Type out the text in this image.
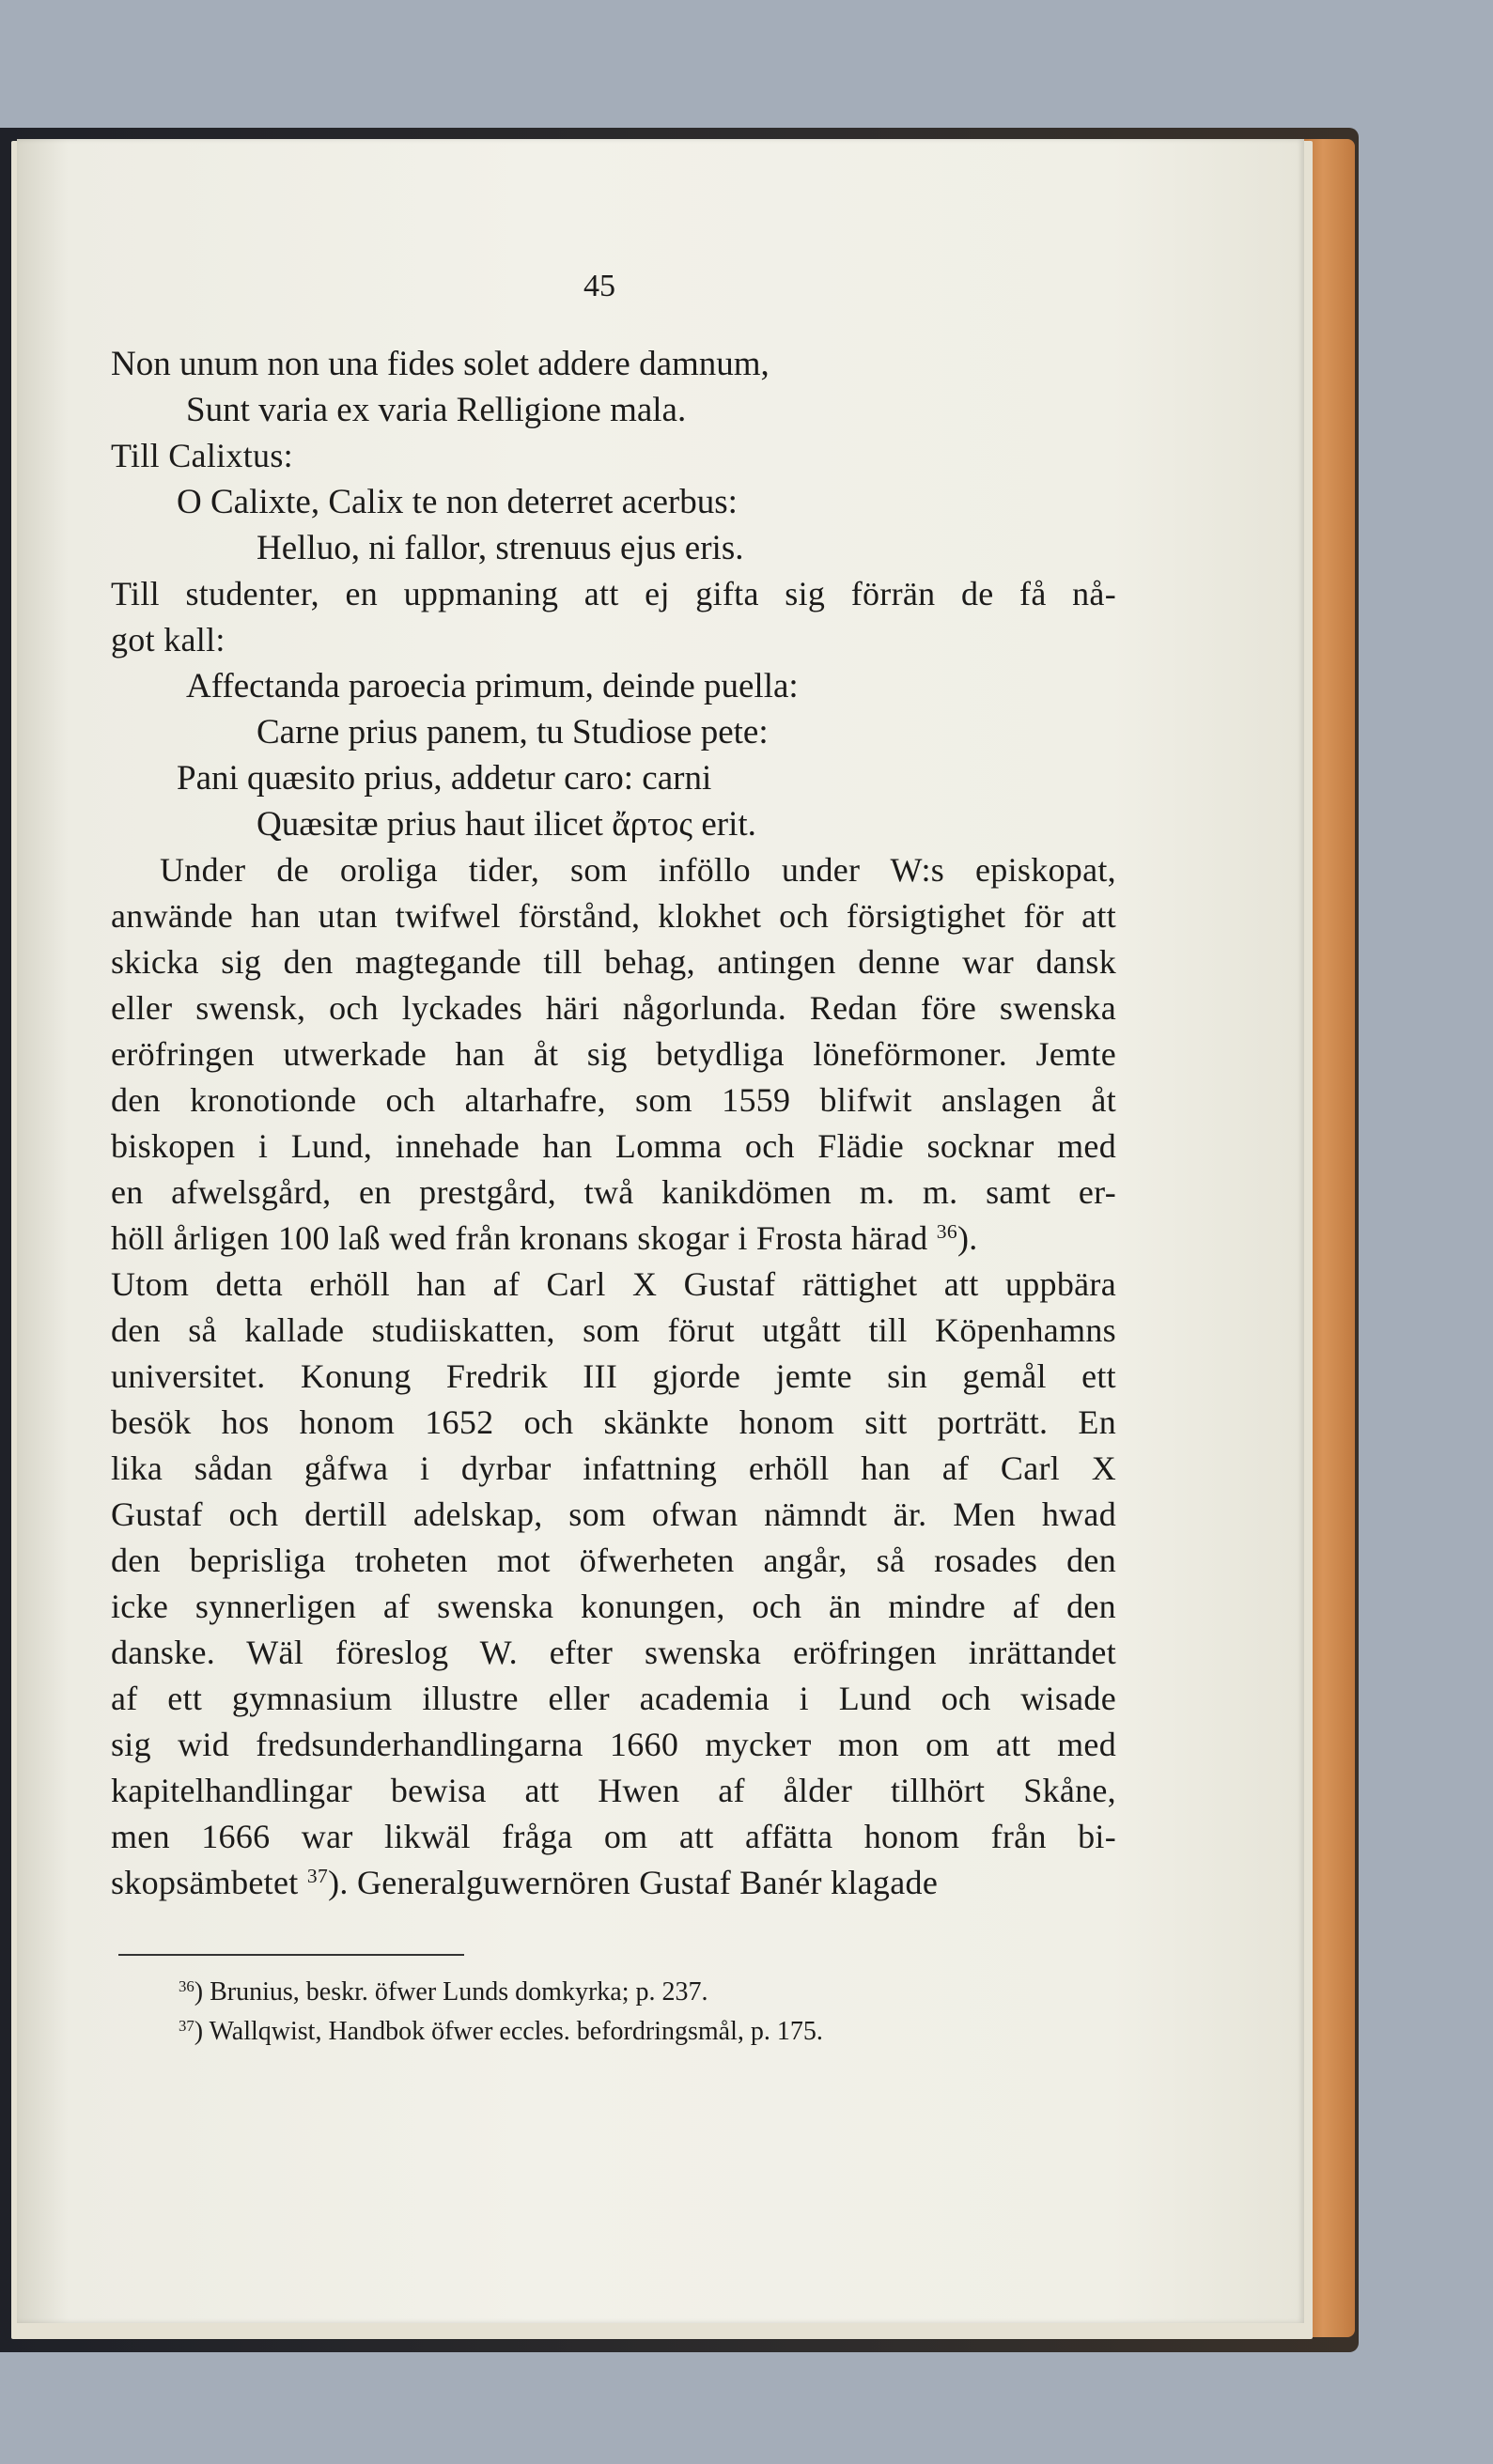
45
Non unum non una fides solet addere damnum,
Sunt varia ex varia Relligione mala.
Till Calixtus:
O Calixte, Calix te non deterret acerbus:
Helluo, ni fallor, strenuus ejus eris.
Till studenter, en uppmaning att ej gifta sig förrän de få nå-
got kall:
Affectanda paroecia primum, deinde puella:
Carne prius panem, tu Studiose pete:
Pani quæsito prius, addetur caro: carni
Quæsitæ prius haut ilicet ἄρτος erit.
Under de oroliga tider, som inföllo under W:s episkopat,
anwände han utan twifwel förstånd, klokhet och försigtighet för att
skicka sig den magtegande till behag, antingen denne war dansk
eller swensk, och lyckades häri någorlunda. Redan före swenska
eröfringen utwerkade han åt sig betydliga löneförmoner. Jemte
den kronotionde och altarhafre, som 1559 blifwit anslagen åt
biskopen i Lund, innehade han Lomma och Flädie socknar med
en afwelsgård, en prestgård, twå kanikdömen m. m. samt er-
höll årligen 100 laß wed från kronans skogar i Frosta härad $^{36}$).
Utom detta erhöll han af Carl X Gustaf rättighet att uppbära
den så kallade studiiskatten, som förut utgått till Köpenhamns
universitet. Konung Fredrik III gjorde jemte sin gemål ett
besök hos honom 1652 och skänkte honom sitt porträtt. En
lika sådan gåfwa i dyrbar infattning erhöll han af Carl X
Gustaf och dertill adelskap, som ofwan nämndt är. Men hwad
den beprisliga troheten mot öfwerheten angår, så rosades den
icke synnerligen af swenska konungen, och än mindre af den
danske. Wäl föreslog W. efter swenska eröfringen inrättandet
af ett gymnasium illustre eller academia i Lund och wisade
sig wid fredsunderhandlingarna 1660 myckeт mon om att med
kapitelhandlingar bewisa att Hwen af ålder tillhört Skåne,
men 1666 war likwäl fråga om att affätta honom från bi-
skopsämbetet $^{37}$). Generalguwernören Gustaf Banér klagade
$^{36}$) Brunius, beskr. öfwer Lunds domkyrka; p. 237.
$^{37}$) Wallqwist, Handbok öfwer eccles. befordringsmål, p. 175.
